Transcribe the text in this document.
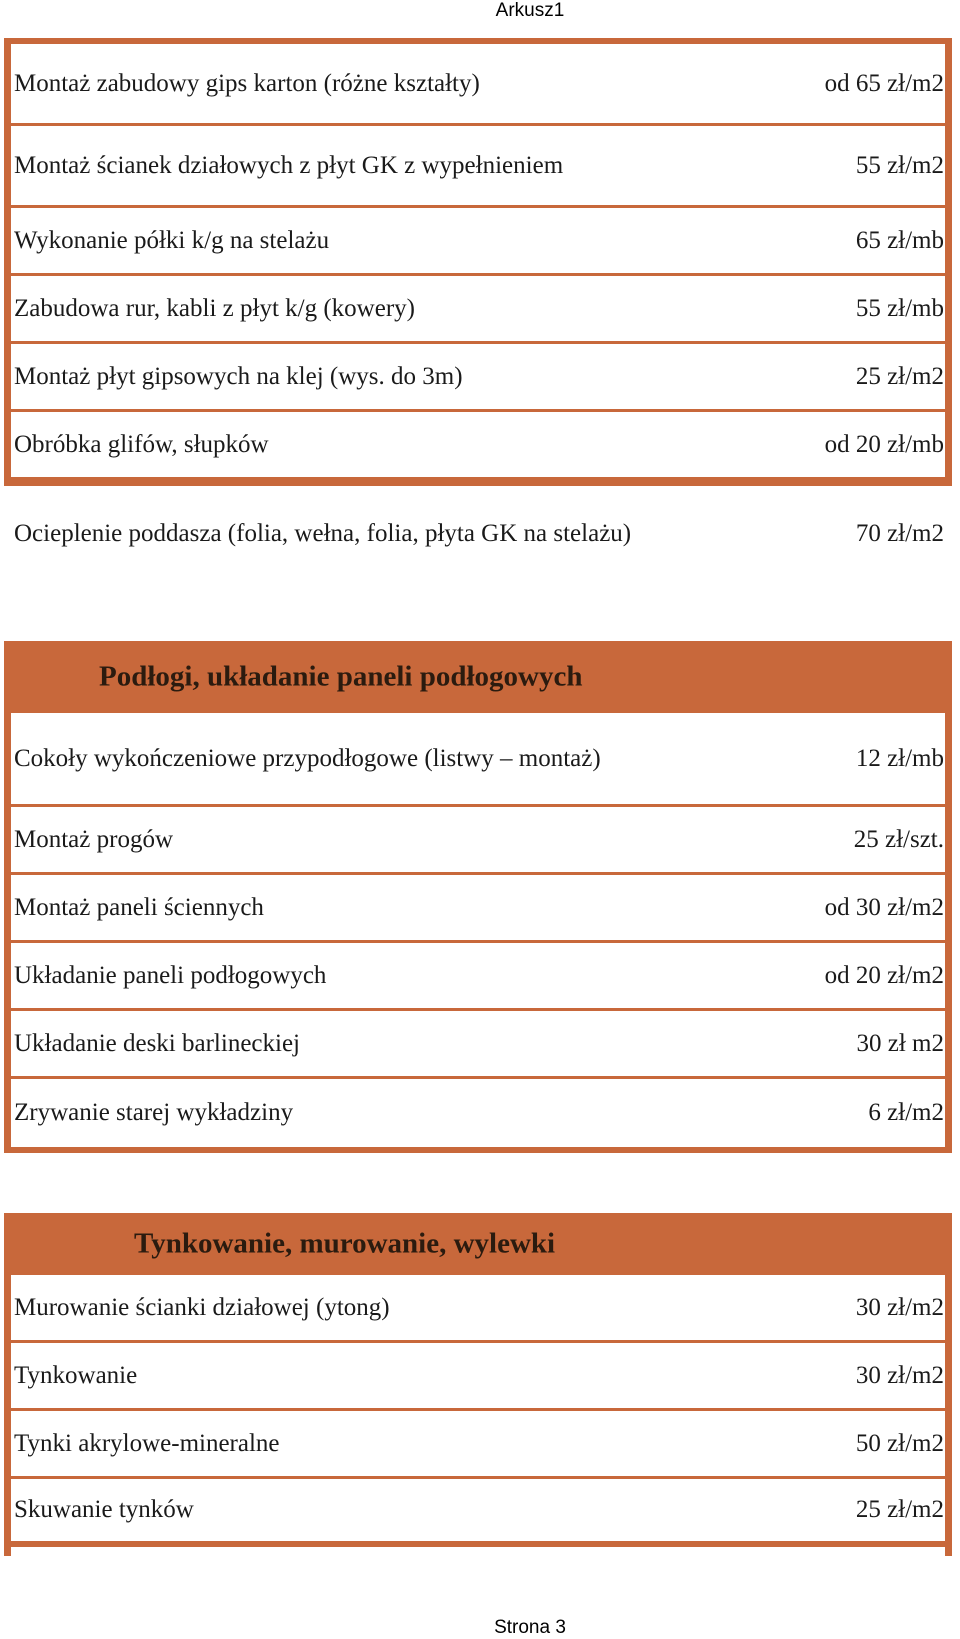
Arkusz1
Montaż zabudowy gips karton (różne kształty)	od 65 zł/m2
Montaż ścianek działowych z płyt GK z wypełnieniem	55 zł/m2
Wykonanie półki k/g na stelażu	65 zł/mb
Zabudowa rur, kabli z płyt k/g (kowery)	55 zł/mb
Montaż płyt gipsowych na klej (wys. do 3m)	25 zł/m2
Obróbka glifów, słupków	od 20 zł/mb
Ocieplenie poddasza (folia, wełna, folia, płyta GK na stelażu)	70 zł/m2
Podłogi, układanie paneli podłogowych
Cokoły wykończeniowe przypodłogowe (listwy – montaż)	12 zł/mb
Montaż progów	25 zł/szt.
Montaż paneli ściennych	od 30 zł/m2
Układanie paneli podłogowych	od 20 zł/m2
Układanie deski barlineckiej	30 zł m2
Zrywanie starej wykładziny	6 zł/m2
Tynkowanie, murowanie, wylewki
Murowanie ścianki działowej (ytong)	30 zł/m2
Tynkowanie	30 zł/m2
Tynki akrylowe-mineralne	50 zł/m2
Skuwanie tynków	25 zł/m2
Strona 3
